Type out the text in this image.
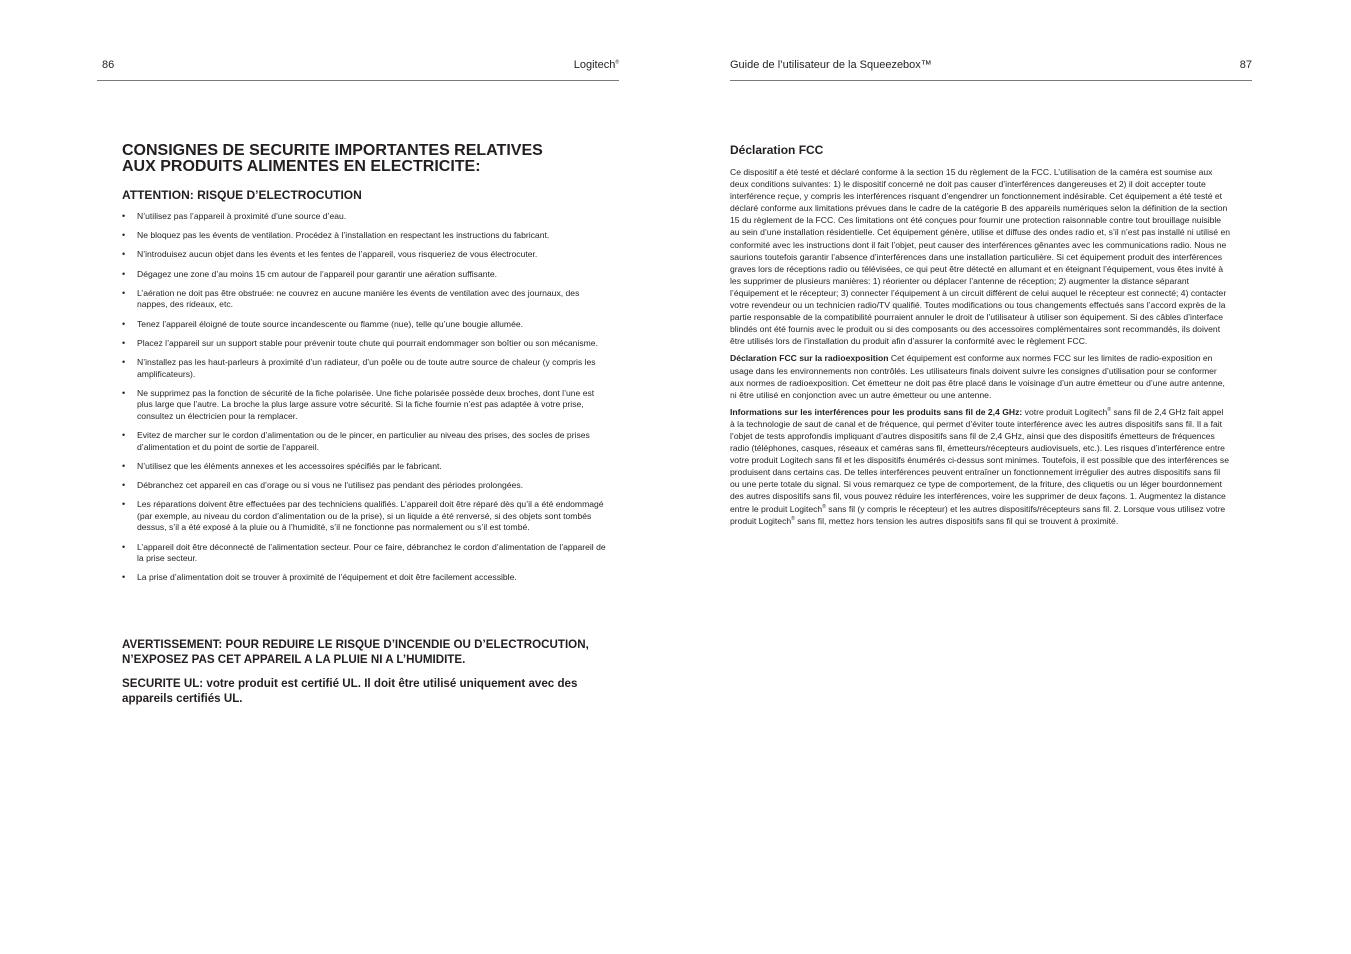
86	Logitech®
CONSIGNES DE SECURITE IMPORTANTES RELATIVES
AUX PRODUITS ALIMENTES EN ELECTRICITE:
ATTENTION: RISQUE D’ELECTROCUTION
• N’utilisez pas l’appareil à proximité d’une source d’eau.
• Ne bloquez pas les évents de ventilation. Procédez à l’installation en respectant les instructions du fabricant.
• N’introduisez aucun objet dans les évents et les fentes de l’appareil, vous risqueriez de vous électrocuter.
• Dégagez une zone d’au moins 15 cm autour de l’appareil pour garantir une aération suffisante.
• L’aération ne doit pas être obstruée: ne couvrez en aucune manière les évents de ventilation avec des journaux, des nappes, des rideaux, etc.
• Tenez l’appareil éloigné de toute source incandescente ou flamme (nue), telle qu’une bougie allumée.
• Placez l’appareil sur un support stable pour prévenir toute chute qui pourrait endommager son boîtier ou son mécanisme.
• N’installez pas les haut-parleurs à proximité d’un radiateur, d’un poêle ou de toute autre source de chaleur (y compris les amplificateurs).
• Ne supprimez pas la fonction de sécurité de la fiche polarisée. Une fiche polarisée possède deux broches, dont l’une est plus large que l’autre. La broche la plus large assure votre sécurité. Si la fiche fournie n’est pas adaptée à votre prise, consultez un électricien pour la remplacer.
• Evitez de marcher sur le cordon d’alimentation ou de le pincer, en particulier au niveau des prises, des socles de prises d’alimentation et du point de sortie de l’appareil.
• N’utilisez que les éléments annexes et les accessoires spécifiés par le fabricant.
• Débranchez cet appareil en cas d’orage ou si vous ne l’utilisez pas pendant des périodes prolongées.
• Les réparations doivent être effectuées par des techniciens qualifiés. L’appareil doit être réparé dès qu’il a été endommagé (par exemple, au niveau du cordon d’alimentation ou de la prise), si un liquide a été renversé, si des objets sont tombés dessus, s’il a été exposé à la pluie ou à l’humidité, s’il ne fonctionne pas normalement ou s’il est tombé.
• L’appareil doit être déconnecté de l’alimentation secteur. Pour ce faire, débranchez le cordon d’alimentation de l’appareil de la prise secteur.
• La prise d’alimentation doit se trouver à proximité de l’équipement et doit être facilement accessible.

AVERTISSEMENT: POUR REDUIRE LE RISQUE D’INCENDIE OU D’ELECTROCUTION, N’EXPOSEZ PAS CET APPAREIL A LA PLUIE NI A L’HUMIDITE.

SECURITE UL: votre produit est certifié UL. Il doit être utilisé uniquement avec des appareils certifiés UL.

Guide de l’utilisateur de la Squeezebox™	87
Déclaration FCC

Ce dispositif a été testé et déclaré conforme à la section 15 du règlement de la FCC. L’utilisation de la caméra est soumise aux deux conditions suivantes: 1) le dispositif concerné ne doit pas causer d’interférences dangereuses et 2) il doit accepter toute interférence reçue, y compris les interférences risquant d’engendrer un fonctionnement indésirable. Cet équipement a été testé et déclaré conforme aux limitations prévues dans le cadre de la catégorie B des appareils numériques selon la définition de la section 15 du règlement de la FCC. Ces limitations ont été conçues pour fournir une protection raisonnable contre tout brouillage nuisible au sein d’une installation résidentielle. Cet équipement génère, utilise et diffuse des ondes radio et, s’il n’est pas installé ni utilisé en conformité avec les instructions dont il fait l’objet, peut causer des interférences gênantes avec les communications radio. Nous ne saurions toutefois garantir l’absence d’interférences dans une installation particulière. Si cet équipement produit des interférences graves lors de réceptions radio ou télévisées, ce qui peut être détecté en allumant et en éteignant l’équipement, vous êtes invité à les supprimer de plusieurs manières: 1) réorienter ou déplacer l’antenne de réception; 2) augmenter la distance séparant l’équipement et le récepteur; 3) connecter l’équipement à un circuit différent de celui auquel le récepteur est connecté; 4) contacter votre revendeur ou un technicien radio/TV qualifié. Toutes modifications ou tous changements effectués sans l’accord exprès de la partie responsable de la compatibilité pourraient annuler le droit de l’utilisateur à utiliser son équipement. Si des câbles d’interface blindés ont été fournis avec le produit ou si des composants ou des accessoires complémentaires sont recommandés, ils doivent être utilisés lors de l’installation du produit afin d’assurer la conformité avec le règlement FCC.

Déclaration FCC sur la radioexposition Cet équipement est conforme aux normes FCC sur les limites de radio-exposition en usage dans les environnements non contrôlés. Les utilisateurs finals doivent suivre les consignes d’utilisation pour se conformer aux normes de radioexposition. Cet émetteur ne doit pas être placé dans le voisinage d’un autre émetteur ou d’une autre antenne, ni être utilisé en conjonction avec un autre émetteur ou une antenne.

Informations sur les interférences pour les produits sans fil de 2,4 GHz: votre produit Logitech® sans fil de 2,4 GHz fait appel à la technologie de saut de canal et de fréquence, qui permet d’éviter toute interférence avec les autres dispositifs sans fil. Il a fait l’objet de tests approfondis impliquant d’autres dispositifs sans fil de 2,4 GHz, ainsi que des dispositifs émetteurs de fréquences radio (téléphones, casques, réseaux et caméras sans fil, émetteurs/récepteurs audiovisuels, etc.). Les risques d’interférence entre votre produit Logitech sans fil et les dispositifs énumérés ci-dessus sont minimes. Toutefois, il est possible que des interférences se produisent dans certains cas. De telles interférences peuvent entraîner un fonctionnement irrégulier des autres dispositifs sans fil ou une perte totale du signal. Si vous remarquez ce type de comportement, de la friture, des cliquetis ou un léger bourdonnement des autres dispositifs sans fil, vous pouvez réduire les interférences, voire les supprimer de deux façons. 1. Augmentez la distance entre le produit Logitech® sans fil (y compris le récepteur) et les autres dispositifs/récepteurs sans fil. 2. Lorsque vous utilisez votre produit Logitech® sans fil, mettez hors tension les autres dispositifs sans fil qui se trouvent à proximité.
